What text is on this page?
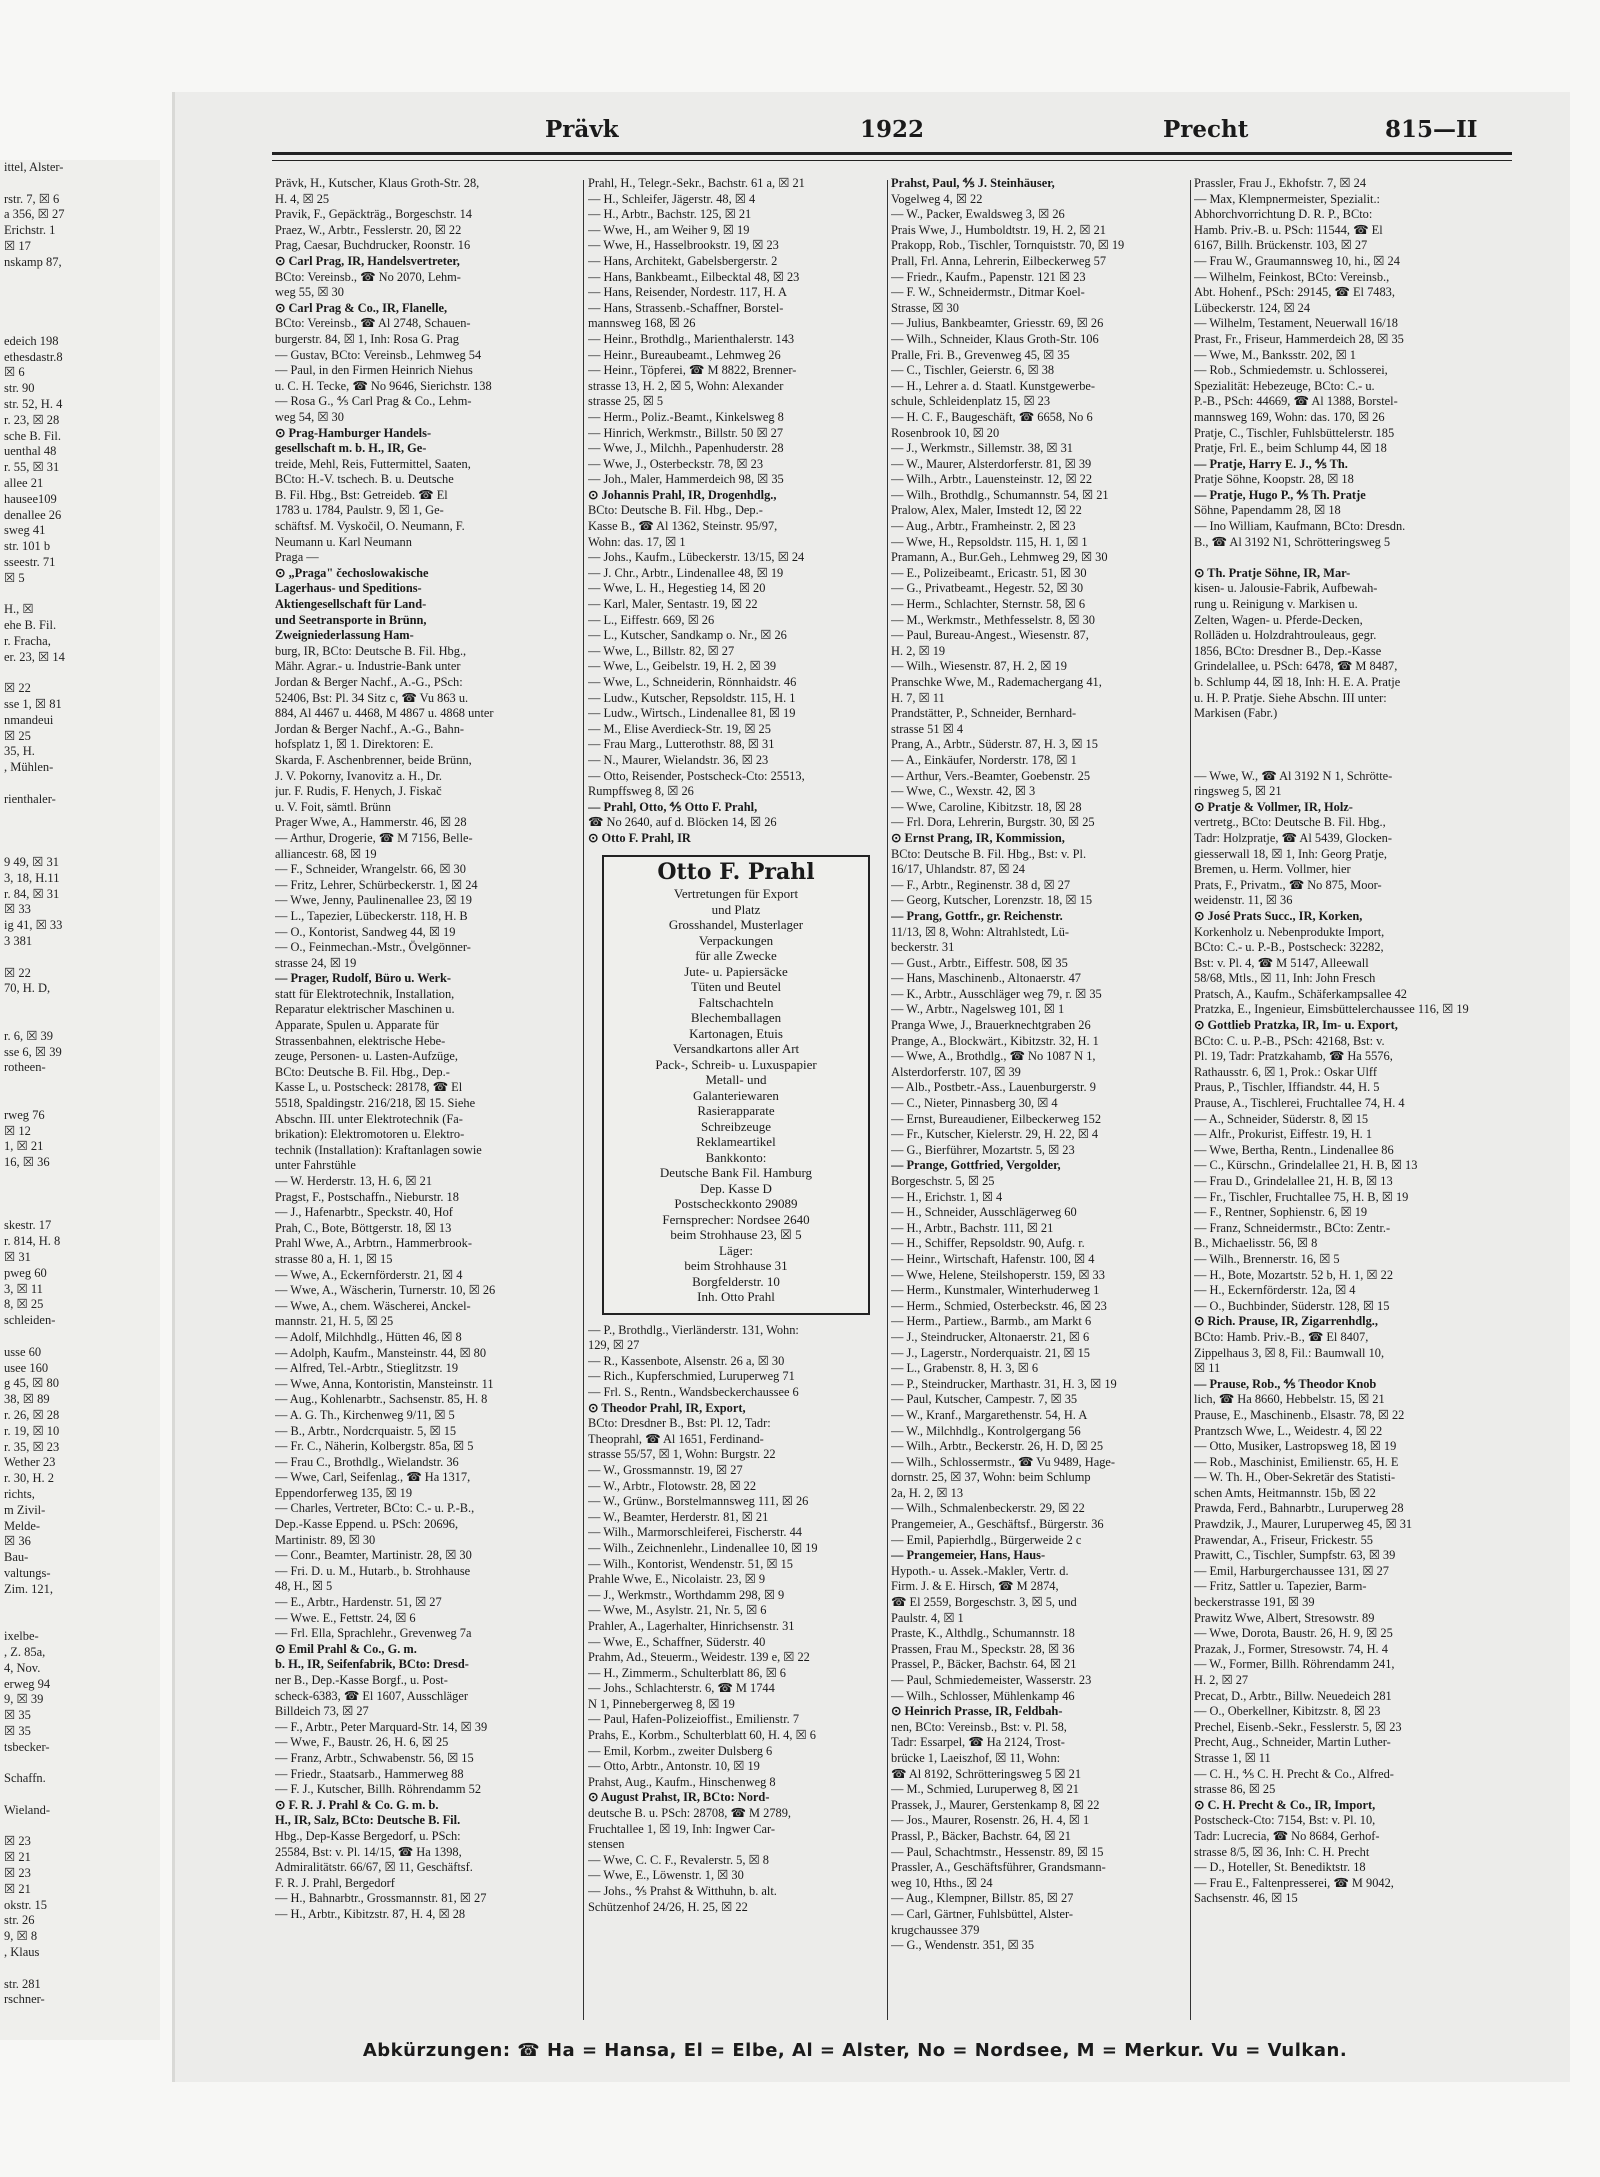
ittel, Alster-

rstr. 7, ☒ 6
a 356, ☒ 27
Erichstr. 1
☒ 17
nskamp 87,

edeich 198
ethesdastr.8
☒ 6
str. 90
str. 52, H. 4
r. 23, ☒ 28
sche B. Fil.
uenthal 48
r. 55, ☒ 31
allee 21
hausee109
denallee 26
sweg 41
str. 101 b
sseestr. 71
☒ 5

H., ☒
ehe B. Fil.
r. Fracha,
er. 23, ☒ 14

☒ 22
sse 1, ☒ 81
nmandeui
☒ 25
35, H.
, Mühlen-

rienthaler-

9 49, ☒ 31
3, 18, H.11
r. 84, ☒ 31
☒ 33
ig 41, ☒ 33
3 381

☒ 22
70, H. D,

r. 6, ☒ 39
sse 6, ☒ 39
rotheen-

rweg 76
☒ 12
1, ☒ 21
16, ☒ 36

skestr. 17
r. 814, H. 8
☒ 31
pweg 60
3, ☒ 11
8, ☒ 25
schleiden-

usse 60
usee 160
g 45, ☒ 80
38, ☒ 89
r. 26, ☒ 28
r. 19, ☒ 10
r. 35, ☒ 23
Wether 23
r. 30, H. 2
richts,
m Zivil-
Melde-
☒ 36
Bau-
valtungs-
Zim. 121,

ixelbe-
, Z. 85a,
4, Nov.
erweg 94
9, ☒ 39
☒ 35
☒ 35
tsbecker-

Schaffn.

Wieland-

☒ 23
☒ 21
☒ 23
☒ 21
okstr. 15
str. 26
9, ☒ 8
, Klaus

str. 281
rschner-
Prävk	1922	Precht	815—II
Prävk, H., Kutscher, Klaus Groth-Str. 28,
H. 4, ☒ 25
Pravik, F., Gepäckträg., Borgeschstr. 14
Praez, W., Arbtr., Fesslerstr. 20, ☒ 22
Prag, Caesar, Buchdrucker, Roonstr. 16
⊙ Carl Prag, IR, Handelsvertreter,
BCto: Vereinsb., ☎ No 2070, Lehm-
weg 55, ☒ 30
⊙ Carl Prag & Co., IR, Flanelle,
BCto: Vereinsb., ☎ Al 2748, Schauen-
burgerstr. 84, ☒ 1, Inh: Rosa G. Prag
— Gustav, BCto: Vereinsb., Lehmweg 54
— Paul, in den Firmen Heinrich Niehus
u. C. H. Tecke, ☎ No 9646, Sierichstr. 138
— Rosa G., ⅘ Carl Prag & Co., Lehm-
weg 54, ☒ 30
⊙ Prag-Hamburger Handels-
gesellschaft m. b. H., IR, Ge-
treide, Mehl, Reis, Futtermittel, Saaten,
BCto: H.-V. tschech. B. u. Deutsche
B. Fil. Hbg., Bst: Getreideb. ☎ El
1783 u. 1784, Paulstr. 9, ☒ 1, Ge-
schäftsf. M. Vyskočil, O. Neumann, F.
Neumann u. Karl Neumann
Praga —
⊙ „Praga" čechoslowakische
Lagerhaus- und Speditions-
Aktiengesellschaft für Land-
und Seetransporte in Brünn,
Zweigniederlassung Ham-
burg, IR, BCto: Deutsche B. Fil. Hbg.,
Mähr. Agrar.- u. Industrie-Bank unter
Jordan & Berger Nachf., A.-G., PSch:
52406, Bst: Pl. 34 Sitz c, ☎ Vu 863 u.
884, Al 4467 u. 4468, M 4867 u. 4868 unter
Jordan & Berger Nachf., A.-G., Bahn-
hofsplatz 1, ☒ 1. Direktoren: E.
Skarda, F. Aschenbrenner, beide Brünn,
J. V. Pokorny, Ivanovitz a. H., Dr.
jur. F. Rudis, F. Henych, J. Fiskač
u. V. Foit, sämtl. Brünn
Prager Wwe, A., Hammerstr. 46, ☒ 28
— Arthur, Drogerie, ☎ M 7156, Belle-
alliancestr. 68, ☒ 19
— F., Schneider, Wrangelstr. 66, ☒ 30
— Fritz, Lehrer, Schürbeckerstr. 1, ☒ 24
— Wwe, Jenny, Paulinenallee 23, ☒ 19
— L., Tapezier, Lübeckerstr. 118, H. B
— O., Kontorist, Sandweg 44, ☒ 19
— O., Feinmechan.-Mstr., Övelgönner-
strasse 24, ☒ 19
— Prager, Rudolf, Büro u. Werk-
statt für Elektrotechnik, Installation,
Reparatur elektrischer Maschinen u.
Apparate, Spulen u. Apparate für
Strassenbahnen, elektrische Hebe-
zeuge, Personen- u. Lasten-Aufzüge,
BCto: Deutsche B. Fil. Hbg., Dep.-
Kasse L, u. Postscheck: 28178, ☎ El
5518, Spaldingstr. 216/218, ☒ 15. Siehe
Abschn. III. unter Elektrotechnik (Fa-
brikation): Elektromotoren u. Elektro-
technik (Installation): Kraftanlagen sowie
unter Fahrstühle
— W. Herderstr. 13, H. 6, ☒ 21
Pragst, F., Postschaffn., Nieburstr. 18
— J., Hafenarbtr., Speckstr. 40, Hof
Prah, C., Bote, Böttgerstr. 18, ☒ 13
Prahl Wwe, A., Arbtrn., Hammerbrook-
strasse 80 a, H. 1, ☒ 15
— Wwe, A., Eckernförderstr. 21, ☒ 4
— Wwe, A., Wäscherin, Turnerstr. 10, ☒ 26
— Wwe, A., chem. Wäscherei, Anckel-
mannstr. 21, H. 5, ☒ 25
— Adolf, Milchhdlg., Hütten 46, ☒ 8
— Adolph, Kaufm., Mansteinstr. 44, ☒ 80
— Alfred, Tel.-Arbtr., Stieglitzstr. 19
— Wwe, Anna, Kontoristin, Mansteinstr. 11
— Aug., Kohlenarbtr., Sachsenstr. 85, H. 8
— A. G. Th., Kirchenweg 9/11, ☒ 5
— B., Arbtr., Nordcrquaistr. 5, ☒ 15
— Fr. C., Näherin, Kolbergstr. 85a, ☒ 5
— Frau C., Brothdlg., Wielandstr. 36
— Wwe, Carl, Seifenlag., ☎ Ha 1317,
Eppendorferweg 135, ☒ 19
— Charles, Vertreter, BCto: C.- u. P.-B.,
Dep.-Kasse Eppend. u. PSch: 20696,
Martinistr. 89, ☒ 30
— Conr., Beamter, Martinistr. 28, ☒ 30
— Fri. D. u. M., Hutarb., b. Strohhause
48, H., ☒ 5
— E., Arbtr., Hardenstr. 51, ☒ 27
— Wwe. E., Fettstr. 24, ☒ 6
— Frl. Ella, Sprachlehr., Grevenweg 7a
⊙ Emil Prahl & Co., G. m.
b. H., IR, Seifenfabrik, BCto: Dresd-
ner B., Dep.-Kasse Borgf., u. Post-
scheck-6383, ☎ El 1607, Ausschläger
Billdeich 73, ☒ 27
— F., Arbtr., Peter Marquard-Str. 14, ☒ 39
— Wwe, F., Baustr. 26, H. 6, ☒ 25
— Franz, Arbtr., Schwabenstr. 56, ☒ 15
— Friedr., Staatsarb., Hammerweg 88
— F. J., Kutscher, Billh. Röhrendamm 52
⊙ F. R. J. Prahl & Co. G. m. b.
H., IR, Salz, BCto: Deutsche B. Fil.
Hbg., Dep-Kasse Bergedorf, u. PSch:
25584, Bst: v. Pl. 14/15, ☎ Ha 1398,
Admiralitätstr. 66/67, ☒ 11, Geschäftsf.
F. R. J. Prahl, Bergedorf
— H., Bahnarbtr., Grossmannstr. 81, ☒ 27
— H., Arbtr., Kibitzstr. 87, H. 4, ☒ 28
Prahl, H., Telegr.-Sekr., Bachstr. 61 a, ☒ 21
— H., Schleifer, Jägerstr. 48, ☒ 4
— H., Arbtr., Bachstr. 125, ☒ 21
— Wwe, H., am Weiher 9, ☒ 19
— Wwe, H., Hasselbrookstr. 19, ☒ 23
— Hans, Architekt, Gabelsbergerstr. 2
— Hans, Bankbeamt., Eilbecktal 48, ☒ 23
— Hans, Reisender, Nordestr. 117, H. A
— Hans, Strassenb.-Schaffner, Borstel-
mannsweg 168, ☒ 26
— Heinr., Brothdlg., Marienthalerstr. 143
— Heinr., Bureaubeamt., Lehmweg 26
— Heinr., Töpferei, ☎ M 8822, Brenner-
strasse 13, H. 2, ☒ 5, Wohn: Alexander
strasse 25, ☒ 5
— Herm., Poliz.-Beamt., Kinkelsweg 8
— Hinrich, Werkmstr., Billstr. 50 ☒ 27
— Wwe, J., Milchh., Papenhuderstr. 28
— Wwe, J., Osterbeckstr. 78, ☒ 23
— Joh., Maler, Hammerdeich 98, ☒ 35
⊙ Johannis Prahl, IR, Drogenhdlg.,
BCto: Deutsche B. Fil. Hbg., Dep.-
Kasse B., ☎ Al 1362, Steinstr. 95/97,
Wohn: das. 17, ☒ 1
— Johs., Kaufm., Lübeckerstr. 13/15, ☒ 24
— J. Chr., Arbtr., Lindenallee 48, ☒ 19
— Wwe, L. H., Hegestieg 14, ☒ 20
— Karl, Maler, Sentastr. 19, ☒ 22
— L., Eiffestr. 669, ☒ 26
— L., Kutscher, Sandkamp o. Nr., ☒ 26
— Wwe, L., Billstr. 82, ☒ 27
— Wwe, L., Geibelstr. 19, H. 2, ☒ 39
— Wwe, L., Schneiderin, Rönnhaidstr. 46
— Ludw., Kutscher, Repsoldstr. 115, H. 1
— Ludw., Wirtsch., Lindenallee 81, ☒ 19
— M., Elise Averdieck-Str. 19, ☒ 25
— Frau Marg., Lutterothstr. 88, ☒ 31
— N., Maurer, Wielandstr. 36, ☒ 23
— Otto, Reisender, Postscheck-Cto: 25513,
Rumpffsweg 8, ☒ 26
— Prahl, Otto, ⅘ Otto F. Prahl,
☎ No 2640, auf d. Blöcken 14, ☒ 26
⊙ Otto F. Prahl, IR
Otto F. Prahl
Vertretungen für Export
und Platz
Grosshandel, Musterlager
Verpackungen
für alle Zwecke
Jute- u. Papiersäcke
Tüten und Beutel
Faltschachteln
Blechemballagen
Kartonagen, Etuis
Versandkartons aller Art
Pack-, Schreib- u. Luxuspapier
Metall- und
Galanteriewaren
Rasierapparate
Schreibzeuge
Reklameartikel
Bankkonto:
Deutsche Bank Fil. Hamburg
Dep. Kasse D
Postscheckkonto 29089
Fernsprecher: Nordsee 2640
beim Strohhause 23, ☒ 5
Läger:
beim Strohhause 31
Borgfelderstr. 10
Inh. Otto Prahl
— P., Brothdlg., Vierländerstr. 131, Wohn:
129, ☒ 27
— R., Kassenbote, Alsenstr. 26 a, ☒ 30
— Rich., Kupferschmied, Luruperweg 71
— Frl. S., Rentn., Wandsbeckerchaussee 6
⊙ Theodor Prahl, IR, Export,
BCto: Dresdner B., Bst: Pl. 12, Tadr:
Theoprahl, ☎ Al 1651, Ferdinand-
strasse 55/57, ☒ 1, Wohn: Burgstr. 22
— W., Grossmannstr. 19, ☒ 27
— W., Arbtr., Flotowstr. 28, ☒ 22
— W., Grünw., Borstelmannsweg 111, ☒ 26
— W., Beamter, Herderstr. 81, ☒ 21
— Wilh., Marmorschleiferei, Fischerstr. 44
— Wilh., Zeichnenlehr., Lindenallee 10, ☒ 19
— Wilh., Kontorist, Wendenstr. 51, ☒ 15
Prahle Wwe, E., Nicolaistr. 23, ☒ 9
— J., Werkmstr., Worthdamm 298, ☒ 9
— Wwe, M., Asylstr. 21, Nr. 5, ☒ 6
Prahler, A., Lagerhalter, Hinrichsenstr. 31
— Wwe, E., Schaffner, Süderstr. 40
Prahm, Ad., Steuerm., Weidestr. 139 e, ☒ 22
— H., Zimmerm., Schulterblatt 86, ☒ 6
— Johs., Schlachterstr. 6, ☎ M 1744
N 1, Pinnebergerweg 8, ☒ 19
— Paul, Hafen-Polizeioffist., Emilienstr. 7
Prahs, E., Korbm., Schulterblatt 60, H. 4, ☒ 6
— Emil, Korbm., zweiter Dulsberg 6
— Otto, Arbtr., Antonstr. 10, ☒ 19
Prahst, Aug., Kaufm., Hinschenweg 8
⊙ August Prahst, IR, BCto: Nord-
deutsche B. u. PSch: 28708, ☎ M 2789,
Fruchtallee 1, ☒ 19, Inh: Ingwer Car-
stensen
— Wwe, C. C. F., Revalerstr. 5, ☒ 8
— Wwe, E., Löwenstr. 1, ☒ 30
— Johs., ⅘ Prahst & Witthuhn, b. alt.
Schützenhof 24/26, H. 25, ☒ 22
Prahst, Paul, ⅘ J. Steinhäuser,
Vogelweg 4, ☒ 22
— W., Packer, Ewaldsweg 3, ☒ 26
Prais Wwe, J., Humboldtstr. 19, H. 2, ☒ 21
Prakopp, Rob., Tischler, Tornquiststr. 70, ☒ 19
Prall, Frl. Anna, Lehrerin, Eilbeckerweg 57
— Friedr., Kaufm., Papenstr. 121 ☒ 23
— F. W., Schneidermstr., Ditmar Koel-
Strasse, ☒ 30
— Julius, Bankbeamter, Griesstr. 69, ☒ 26
— Wilh., Schneider, Klaus Groth-Str. 106
Pralle, Fri. B., Grevenweg 45, ☒ 35
— C., Tischler, Geierstr. 6, ☒ 38
— H., Lehrer a. d. Staatl. Kunstgewerbe-
schule, Schleidenplatz 15, ☒ 23
— H. C. F., Baugeschäft, ☎ 6658, No 6
Rosenbrook 10, ☒ 20
— J., Werkmstr., Sillemstr. 38, ☒ 31
— W., Maurer, Alsterdorferstr. 81, ☒ 39
— Wilh., Arbtr., Lauensteinstr. 12, ☒ 22
— Wilh., Brothdlg., Schumannstr. 54, ☒ 21
Pralow, Alex, Maler, Imstedt 12, ☒ 22
— Aug., Arbtr., Framheinstr. 2, ☒ 23
— Wwe, H., Repsoldstr. 115, H. 1, ☒ 1
Pramann, A., Bur.Geh., Lehmweg 29, ☒ 30
— E., Polizeibeamt., Ericastr. 51, ☒ 30
— G., Privatbeamt., Hegestr. 52, ☒ 30
— Herm., Schlachter, Sternstr. 58, ☒ 6
— M., Werkmstr., Methfesselstr. 8, ☒ 30
— Paul, Bureau-Angest., Wiesenstr. 87,
H. 2, ☒ 19
— Wilh., Wiesenstr. 87, H. 2, ☒ 19
Pranschke Wwe, M., Rademachergang 41,
H. 7, ☒ 11
Prandstätter, P., Schneider, Bernhard-
strasse 51 ☒ 4
Prang, A., Arbtr., Süderstr. 87, H. 3, ☒ 15
— A., Einkäufer, Norderstr. 178, ☒ 1
— Arthur, Vers.-Beamter, Goebenstr. 25
— Wwe, C., Wexstr. 42, ☒ 3
— Wwe, Caroline, Kibitzstr. 18, ☒ 28
— Frl. Dora, Lehrerin, Burgstr. 30, ☒ 25
⊙ Ernst Prang, IR, Kommission,
BCto: Deutsche B. Fil. Hbg., Bst: v. Pl.
16/17, Uhlandstr. 87, ☒ 24
— F., Arbtr., Reginenstr. 38 d, ☒ 27
— Georg, Kutscher, Lorenzstr. 18, ☒ 15
— Prang, Gottfr., gr. Reichenstr.
11/13, ☒ 8, Wohn: Altrahlstedt, Lü-
beckerstr. 31
— Gust., Arbtr., Eiffestr. 508, ☒ 35
— Hans, Maschinenb., Altonaerstr. 47
— K., Arbtr., Ausschläger weg 79, r. ☒ 35
— W., Arbtr., Nagelsweg 101, ☒ 1
Pranga Wwe, J., Brauerknechtgraben 26
Prange, A., Blockwärt., Kibitzstr. 32, H. 1
— Wwe, A., Brothdlg., ☎ No 1087 N 1,
Alsterdorferstr. 107, ☒ 39
— Alb., Postbetr.-Ass., Lauenburgerstr. 9
— C., Nieter, Pinnasberg 30, ☒ 4
— Ernst, Bureaudiener, Eilbeckerweg 152
— Fr., Kutscher, Kielerstr. 29, H. 22, ☒ 4
— G., Bierführer, Mozartstr. 5, ☒ 23
— Prange, Gottfried, Vergolder,
Borgeschstr. 5, ☒ 25
— H., Erichstr. 1, ☒ 4
— H., Schneider, Ausschlägerweg 60
— H., Arbtr., Bachstr. 111, ☒ 21
— H., Schiffer, Repsoldstr. 90, Aufg. r.
— Heinr., Wirtschaft, Hafenstr. 100, ☒ 4
— Wwe, Helene, Steilshoperstr. 159, ☒ 33
— Herm., Kunstmaler, Winterhuderweg 1
— Herm., Schmied, Osterbeckstr. 46, ☒ 23
— Herm., Partiew., Barmb., am Markt 6
— J., Steindrucker, Altonaerstr. 21, ☒ 6
— J., Lagerstr., Norderquaistr. 21, ☒ 15
— L., Grabenstr. 8, H. 3, ☒ 6
— P., Steindrucker, Marthastr. 31, H. 3, ☒ 19
— Paul, Kutscher, Campestr. 7, ☒ 35
— W., Kranf., Margarethenstr. 54, H. A
— W., Milchhdlg., Kontrolgergang 56
— Wilh., Arbtr., Beckerstr. 26, H. D, ☒ 25
— Wilh., Schlossermstr., ☎ Vu 9489, Hage-
dornstr. 25, ☒ 37, Wohn: beim Schlump
2a, H. 2, ☒ 13
— Wilh., Schmalenbeckerstr. 29, ☒ 22
Prangemeier, A., Geschäftsf., Bürgerstr. 36
— Emil, Papierhdlg., Bürgerweide 2 c
— Prangemeier, Hans, Haus-
Hypoth.- u. Assek.-Makler, Vertr. d.
Firm. J. & E. Hirsch, ☎ M 2874,
☎ El 2559, Borgeschstr. 3, ☒ 5, und
Paulstr. 4, ☒ 1
Praste, K., Althdlg., Schumannstr. 18
Prassen, Frau M., Speckstr. 28, ☒ 36
Prassel, P., Bäcker, Bachstr. 64, ☒ 21
— Paul, Schmiedemeister, Wasserstr. 23
— Wilh., Schlosser, Mühlenkamp 46
⊙ Heinrich Prasse, IR, Feldbah-
nen, BCto: Vereinsb., Bst: v. Pl. 58,
Tadr: Essarpel, ☎ Ha 2124, Trost-
brücke 1, Laeiszhof, ☒ 11, Wohn:
☎ Al 8192, Schrötteringsweg 5 ☒ 21
— M., Schmied, Luruperweg 8, ☒ 21
Prassek, J., Maurer, Gerstenkamp 8, ☒ 22
— Jos., Maurer, Rosenstr. 26, H. 4, ☒ 1
Prassl, P., Bäcker, Bachstr. 64, ☒ 21
— Paul, Schachtmstr., Hessenstr. 89, ☒ 15
Prassler, A., Geschäftsführer, Grandsmann-
weg 10, Hths., ☒ 24
— Aug., Klempner, Billstr. 85, ☒ 27
— Carl, Gärtner, Fuhlsbüttel, Alster-
krugchaussee 379
— G., Wendenstr. 351, ☒ 35
Prassler, Frau J., Ekhofstr. 7, ☒ 24
— Max, Klempnermeister, Spezialit.:
Abhorchvorrichtung D. R. P., BCto:
Hamb. Priv.-B. u. PSch: 11544, ☎ El
6167, Billh. Brückenstr. 103, ☒ 27
— Frau W., Graumannsweg 10, hi., ☒ 24
— Wilhelm, Feinkost, BCto: Vereinsb.,
Abt. Hohenf., PSch: 29145, ☎ El 7483,
Lübeckerstr. 124, ☒ 24
— Wilhelm, Testament, Neuerwall 16/18
Prast, Fr., Friseur, Hammerdeich 28, ☒ 35
— Wwe, M., Banksstr. 202, ☒ 1
— Rob., Schmiedemstr. u. Schlosserei,
Spezialität: Hebezeuge, BCto: C.- u.
P.-B., PSch: 44669, ☎ Al 1388, Borstel-
mannsweg 169, Wohn: das. 170, ☒ 26
Pratje, C., Tischler, Fuhlsbüttelerstr. 185
Pratje, Frl. E., beim Schlump 44, ☒ 18
— Pratje, Harry E. J., ⅘ Th.
Pratje Söhne, Koopstr. 28, ☒ 18
— Pratje, Hugo P., ⅘ Th. Pratje
Söhne, Papendamm 28, ☒ 18
— Ino William, Kaufmann, BCto: Dresdn.
B., ☎ Al 3192 N1, Schrötteringsweg 5

⊙ Th. Pratje Söhne, IR, Mar-
kisen- u. Jalousie-Fabrik, Aufbewah-
rung u. Reinigung v. Markisen u.
Zelten, Wagen- u. Pferde-Decken,
Rolläden u. Holzdrahtrouleaus, gegr.
1856, BCto: Dresdner B., Dep.-Kasse
Grindelallee, u. PSch: 6478, ☎ M 8487,
b. Schlump 44, ☒ 18, Inh: H. E. A. Pratje
u. H. P. Pratje. Siehe Abschn. III unter:
Markisen (Fabr.)

— Wwe, W., ☎ Al 3192 N 1, Schrötte-
ringsweg 5, ☒ 21
⊙ Pratje & Vollmer, IR, Holz-
vertretg., BCto: Deutsche B. Fil. Hbg.,
Tadr: Holzpratje, ☎ Al 5439, Glocken-
giesserwall 18, ☒ 1, Inh: Georg Pratje,
Bremen, u. Herm. Vollmer, hier
Prats, F., Privatm., ☎ No 875, Moor-
weidenstr. 11, ☒ 36
⊙ José Prats Succ., IR, Korken,
Korkenholz u. Nebenprodukte Import,
BCto: C.- u. P.-B., Postscheck: 32282,
Bst: v. Pl. 4, ☎ M 5147, Alleewall
58/68, Mtls., ☒ 11, Inh: John Fresch
Pratsch, A., Kaufm., Schäferkampsallee 42
Pratzka, E., Ingenieur, Eimsbüttelerchaussee 116, ☒ 19
⊙ Gottlieb Pratzka, IR, Im- u. Export,
BCto: C. u. P.-B., PSch: 42168, Bst: v.
Pl. 19, Tadr: Pratzkahamb, ☎ Ha 5576,
Rathausstr. 6, ☒ 1, Prok.: Oskar Ulff
Praus, P., Tischler, Iffiandstr. 44, H. 5
Prause, A., Tischlerei, Fruchtallee 74, H. 4
— A., Schneider, Süderstr. 8, ☒ 15
— Alfr., Prokurist, Eiffestr. 19, H. 1
— Wwe, Bertha, Rentn., Lindenallee 86
— C., Kürschn., Grindelallee 21, H. B, ☒ 13
— Frau D., Grindelallee 21, H. B, ☒ 13
— Fr., Tischler, Fruchtallee 75, H. B, ☒ 19
— F., Rentner, Sophienstr. 6, ☒ 19
— Franz, Schneidermstr., BCto: Zentr.-
B., Michaelisstr. 56, ☒ 8
— Wilh., Brennerstr. 16, ☒ 5
— H., Bote, Mozartstr. 52 b, H. 1, ☒ 22
— H., Eckernförderstr. 12a, ☒ 4
— O., Buchbinder, Süderstr. 128, ☒ 15
⊙ Rich. Prause, IR, Zigarrenhdlg.,
BCto: Hamb. Priv.-B., ☎ El 8407,
Zippelhaus 3, ☒ 8, Fil.: Baumwall 10,
☒ 11
— Prause, Rob., ⅘ Theodor Knob
lich, ☎ Ha 8660, Hebbelstr. 15, ☒ 21
Prause, E., Maschinenb., Elsastr. 78, ☒ 22
Prantzsch Wwe, L., Weidestr. 4, ☒ 22
— Otto, Musiker, Lastropsweg 18, ☒ 19
— Rob., Maschinist, Emilienstr. 65, H. E
— W. Th. H., Ober-Sekretär des Statisti-
schen Amts, Heitmannstr. 15b, ☒ 22
Prawda, Ferd., Bahnarbtr., Luruperweg 28
Prawdzik, J., Maurer, Luruperweg 45, ☒ 31
Prawendar, A., Friseur, Frickestr. 55
Prawitt, C., Tischler, Sumpfstr. 63, ☒ 39
— Emil, Harburgerchaussee 131, ☒ 27
— Fritz, Sattler u. Tapezier, Barm-
beckerstrasse 191, ☒ 39
Prawitz Wwe, Albert, Stresowstr. 89
— Wwe, Dorota, Baustr. 26, H. 9, ☒ 25
Prazak, J., Former, Stresowstr. 74, H. 4
— W., Former, Billh. Röhrendamm 241,
H. 2, ☒ 27
Precat, D., Arbtr., Billw. Neuedeich 281
— O., Oberkellner, Kibitzstr. 8, ☒ 23
Prechel, Eisenb.-Sekr., Fesslerstr. 5, ☒ 23
Precht, Aug., Schneider, Martin Luther-
Strasse 1, ☒ 11
— C. H., ⅘ C. H. Precht & Co., Alfred-
strasse 86, ☒ 25
⊙ C. H. Precht & Co., IR, Import,
Postscheck-Cto: 7154, Bst: v. Pl. 10,
Tadr: Lucrecia, ☎ No 8684, Gerhof-
strasse 8/5, ☒ 36, Inh: C. H. Precht
— D., Hoteller, St. Benediktstr. 18
— Frau E., Faltenpresserei, ☎ M 9042,
Sachsenstr. 46, ☒ 15
Abkürzungen: ☎ Ha = Hansa, El = Elbe, Al = Alster, No = Nordsee, M = Merkur. Vu = Vulkan.
